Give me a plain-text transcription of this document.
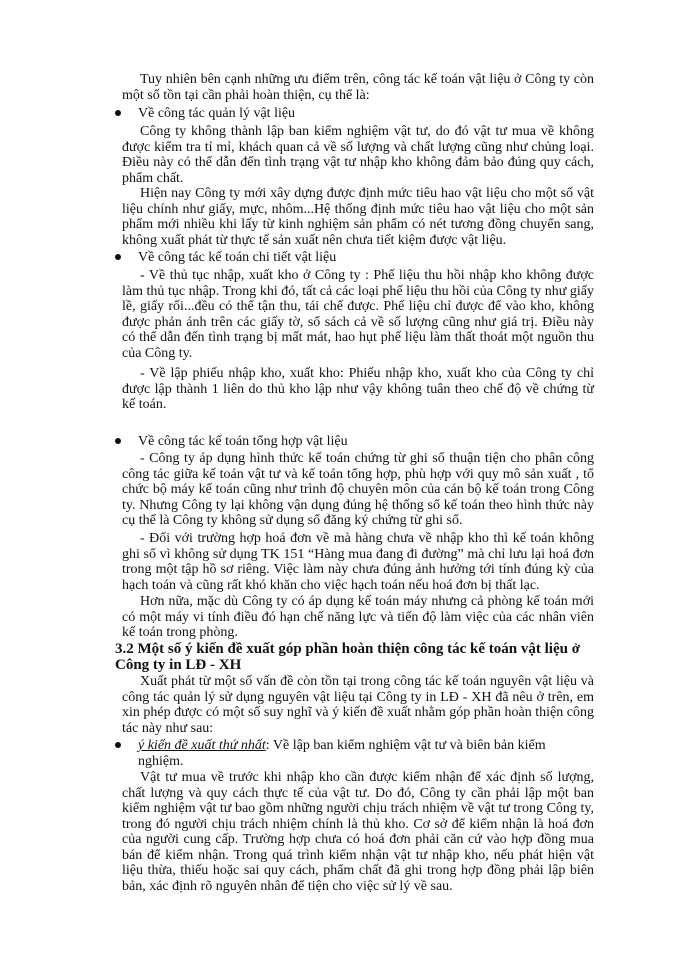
Tuy nhiên bên cạnh những ưu điểm trên, công tác kế toán vật liệu ở Công ty còn một số tồn tại cần phải hoàn thiện, cụ thể là:

Về công tác quản lý vật liệu

Công ty không thành lập ban kiểm nghiệm vật tư, do đó vật tư mua về không được kiểm tra tỉ mỉ, khách quan cả về số lượng và chất lượng cũng như chủng loại. Điều này có thể dẫn đến tình trạng vật tư nhập kho không đảm bảo đúng quy cách, phẩm chất.

Hiện nay Công ty mới xây dựng được định mức tiêu hao vật liệu cho một số vật liệu chính như giấy, mực, nhôm...Hệ thống định mức tiêu hao vật liệu cho một sản phẩm mới nhiều khi lấy từ kinh nghiệm sản phẩm có nét tương đồng chuyển sang, không xuất phát từ thực tế sản xuất nên chưa tiết kiệm được vật liệu.

Về công tác kế toán chi tiết vật liệu

- Về thủ tục nhập, xuất kho ở Công ty : Phế liệu thu hồi nhập kho không được làm thủ tục nhập. Trong khi đó, tất cả các loại phế liệu thu hồi của Công ty như giấy lề, giấy rối...đều có thể tận thu, tái chế được. Phế liệu chỉ được để vào kho, không được phản ánh trên các giấy tờ, sổ sách cả về số lượng cũng như giá trị. Điều này có thể dẫn đến tình trạng bị mất mát, hao hụt phế liệu làm thất thoát một nguồn thu của Công ty.

- Về lập phiếu nhập kho, xuất kho: Phiếu nhập kho, xuất kho của Công ty chỉ được lập thành 1 liên do thủ kho lập như vậy không tuân theo chế độ về chứng từ kế toán.

Về công tác kế toán tổng hợp vật liệu

- Công ty áp dụng hình thức kế toán chứng từ ghi sổ thuận tiện cho phân công công tác giữa kế toán vật tư và kế toán tổng hợp, phù hợp với quy mô sản xuất , tổ chức bộ máy kế toán cũng như trình độ chuyên môn của cán bộ kế toán trong Công ty. Nhưng Công ty lại không vận dụng đúng hệ thống sổ kế toán theo hình thức này cụ thể là Công ty không sử dụng sổ đăng ký chứng từ ghi sổ.

- Đối với trường hợp hoá đơn về mà hàng chưa về nhập kho thì kế toán không ghi sổ vì không sử dụng TK 151 “Hàng mua đang đi đường” mà chỉ lưu lại hoá đơn trong một tập hồ sơ riêng. Việc làm này chưa đúng ảnh hưởng tới tính đúng kỳ của hạch toán và cũng rất khó khăn cho việc hạch toán nếu hoá đơn bị thất lạc.

Hơn nữa, mặc dù Công ty có áp dụng kế toán máy nhưng cả phòng kế toán mới có một máy vi tính điều đó hạn chế năng lực và tiến độ làm việc của các nhân viên kế toán trong phòng.

3.2 Một số ý kiến đề xuất góp phần hoàn thiện công tác kế toán vật liệu ở Công ty in LĐ - XH

Xuất phát từ một số vấn đề còn tồn tại trong công tác kế toán nguyên vật liệu và công tác quản lý sử dụng nguyên vật liệu tại Công ty in LĐ - XH đã nêu ở trên, em xin phép được có một số suy nghĩ và ý kiến đề xuất nhằm góp phần hoàn thiện công tác này như sau:

ý kiến đề xuất thứ nhất: Về lập ban kiểm nghiệm vật tư và biên bản kiểm nghiệm.

Vật tư mua về trước khi nhập kho cần được kiểm nhận để xác định số lượng, chất lượng và quy cách thực tế của vật tư. Do đó, Công ty cần phải lập một ban kiểm nghiệm vật tư bao gồm những người chịu trách nhiệm về vật tư trong Công ty, trong đó người chịu trách nhiệm chính là thủ kho. Cơ sở để kiểm nhận là hoá đơn của người cung cấp. Trường hợp chưa có hoá đơn phải căn cứ vào hợp đồng mua bán để kiểm nhận. Trong quá trình kiểm nhận vật tư nhập kho, nếu phát hiện vật liệu thừa, thiếu hoặc sai quy cách, phẩm chất đã ghi trong hợp đồng phải lập biên bản, xác định rõ nguyên nhân để tiện cho việc sử lý về sau.
